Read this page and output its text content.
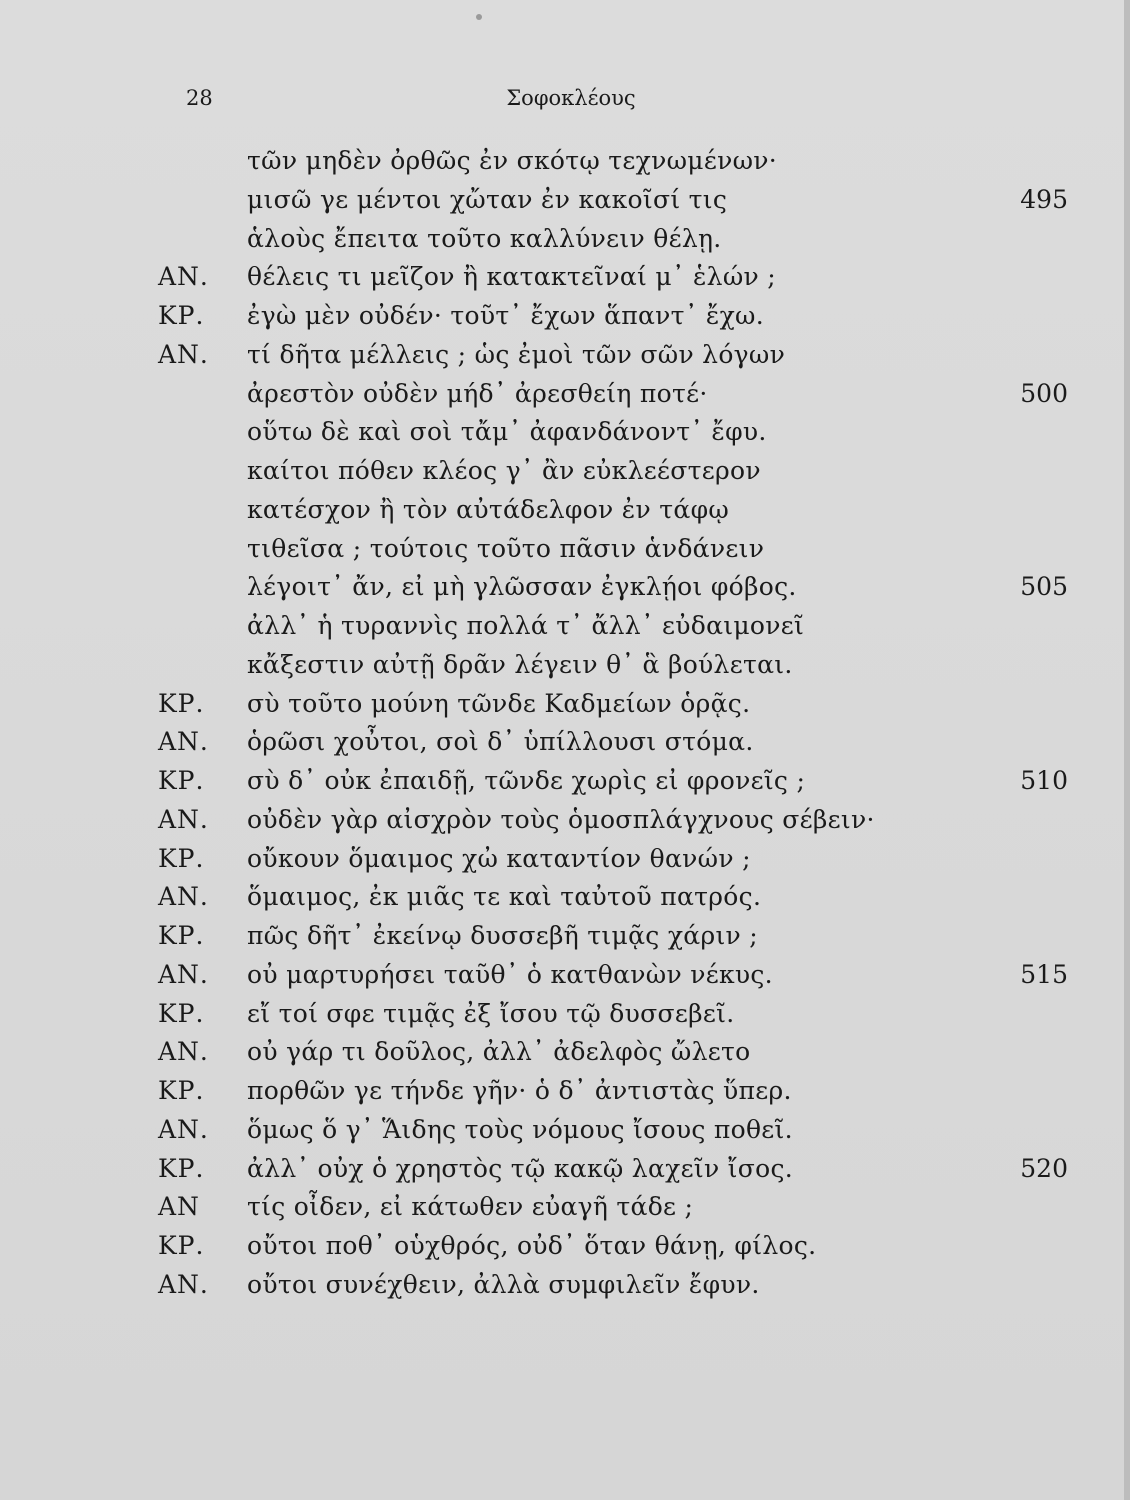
28	Σοφοκλέους
τῶν μηδὲν ὀρθῶς ἐν σκότῳ τεχνωμένων·
μισῶ γε μέντοι χὤταν ἐν κακοῖσί τις	495
ἁλοὺς ἔπειτα τοῦτο καλλύνειν θέλῃ.
ΑΝ. θέλεις τι μεῖζον ἢ κατακτεῖναί μ᾽ ἑλών ;
ΚΡ. ἐγὼ μὲν οὐδέν· τοῦτ᾽ ἔχων ἅπαντ᾽ ἔχω.
ΑΝ. τί δῆτα μέλλεις ; ὡς ἐμοὶ τῶν σῶν λόγων
ἀρεστὸν οὐδὲν μήδ᾽ ἀρεσθείη ποτέ·	500
οὕτω δὲ καὶ σοὶ τἄμ᾽ ἀφανδάνοντ᾽ ἔφυ.
καίτοι πόθεν κλέος γ᾽ ἂν εὐκλεέστερον
κατέσχον ἢ τὸν αὐτάδελφον ἐν τάφῳ
τιθεῖσα ; τούτοις τοῦτο πᾶσιν ἁνδάνειν
λέγοιτ᾽ ἄν, εἰ μὴ γλῶσσαν ἐγκλῄοι φόβος.	505
ἀλλ᾽ ἡ τυραννὶς πολλά τ᾽ ἄλλ᾽ εὐδαιμονεῖ
κἄξεστιν αὐτῇ δρᾶν λέγειν θ᾽ ἃ βούλεται.
ΚΡ. σὺ τοῦτο μούνη τῶνδε Καδμείων ὁρᾷς.
ΑΝ. ὁρῶσι χοὖτοι, σοὶ δ᾽ ὑπίλλουσι στόμα.
ΚΡ. σὺ δ᾽ οὐκ ἐπαιδῇ, τῶνδε χωρὶς εἰ φρονεῖς ;	510
ΑΝ. οὐδὲν γὰρ αἰσχρὸν τοὺς ὁμοσπλάγχνους σέβειν·
ΚΡ. οὔκουν ὅμαιμος χὠ καταντίον θανών ;
ΑΝ. ὅμαιμος, ἐκ μιᾶς τε καὶ ταὐτοῦ πατρός.
ΚΡ. πῶς δῆτ᾽ ἐκείνῳ δυσσεβῆ τιμᾷς χάριν ;
ΑΝ. οὐ μαρτυρήσει ταῦθ᾽ ὁ κατθανὼν νέκυς.	515
ΚΡ. εἴ τοί σφε τιμᾷς ἐξ ἴσου τῷ δυσσεβεῖ.
ΑΝ. οὐ γάρ τι δοῦλος, ἀλλ᾽ ἀδελφὸς ὤλετο
ΚΡ. πορθῶν γε τήνδε γῆν· ὁ δ᾽ ἀντιστὰς ὕπερ.
ΑΝ. ὅμως ὅ γ᾽ Ἅιδης τοὺς νόμους ἴσους ποθεῖ.
ΚΡ. ἀλλ᾽ οὐχ ὁ χρηστὸς τῷ κακῷ λαχεῖν ἴσος.	520
ΑΝ τίς οἶδεν, εἰ κάτωθεν εὐαγῆ τάδε ;
ΚΡ. οὔτοι ποθ᾽ οὑχθρός, οὐδ᾽ ὅταν θάνῃ, φίλος.
ΑΝ. οὔτοι συνέχθειν, ἀλλὰ συμφιλεῖν ἔφυν.
